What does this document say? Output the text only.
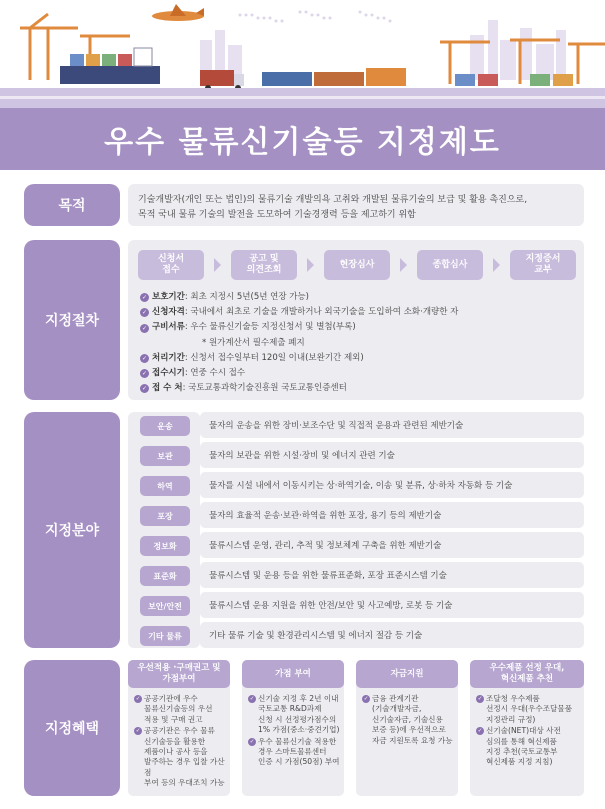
우수 물류신기술등 지정제도
목적	기술개발자(개인 또는 법인)의 물류기술 개발의욕 고취와 개발된 물류기술의 보급 및 활용 촉진으로,
목적 국내 물류 기술의 발전을 도모하여 기술경쟁력 등을 제고하기 위함
지정절차
신청서
접수
공고 및
의견조회
현장심사	종합심사
지정증서
교부
✓ 보호기간 : 최초 지정시 5년(5년 연장 가능)
✓ 신청자격 : 국내에서 최초로 기술을 개발하거나 외국기술을 도입하여 소화·개량한 자
✓ 구비서류 : 우수 물류신기술등 지정신청서 및 별첨(부록)
* 원가계산서 필수제출 폐지
✓ 처리기간 : 신청서 접수일부터 120일 이내(보완기간 제외)
✓ 접수시기 : 연중 수시 접수
✓ 접 수 처 : 국토교통과학기술진흥원 국토교통인증센터
지정분야
운송	물자의 운송을 위한 장비·보조수단 및 직접적 운용과 관련된 제반기술
보관	물자의 보관을 위한 시설·장비 및 에너지 관련 기술
하역	물자를 시설 내에서 이동시키는 상·하역기술, 이송 및 분류, 상·하차 자동화 등 기술
포장	물자의 효율적 운송·보관·하역을 위한 포장, 용기 등의 제반기술
정보화	물류시스템 운영, 관리, 추적 및 정보체계 구축을 위한 제반기술
표준화	물류시스템 및 운용 등을 위한 물류표준화, 포장 표준시스템 기술
보안/안전	물류시스템 운용 지원을 위한 안전/보안 및 사고예방, 로봇 등 기술
기타 물류	기타 물류 기술 및 환경관리시스템 및 에너지 절감 등 기술
지정혜택
우선적용 ·구매권고 및
가점부여
✓ 공공기관에 우수
물류신기술등의 우선
적용 및 구매 권고
✓ 공공기관은 우수 물류
신기술등을 활용한
제품이나 공사 등을
발주하는 경우 입찰 가산점
부여 등의 우대조치 가능
가점 부여
✓ 신기술 지정 후 2년 이내
국토교통 R&D과제
신청 시 선정평가점수의
1% 가점(중소·중견기업)
✓ 우수 물류신기술 적용한
경우 스마트물류센터
인증 시 가점(50점) 부여
자금지원
✓ 금융 관계기관
(기술개발자금,
신기술자금, 기술신용
보증 등)에 우선적으로
자금 지원토록 요청 가능
우수제품 선정 우대,
혁신제품 추천
✓ 조달청 우수제품
선정시 우대(우수조달물품
지정관리 규정)
✓ 신기술(NET)대상 사전
심의를 통해 혁신제품
지정 추천(국토교통부
혁신제품 지정 지침)
